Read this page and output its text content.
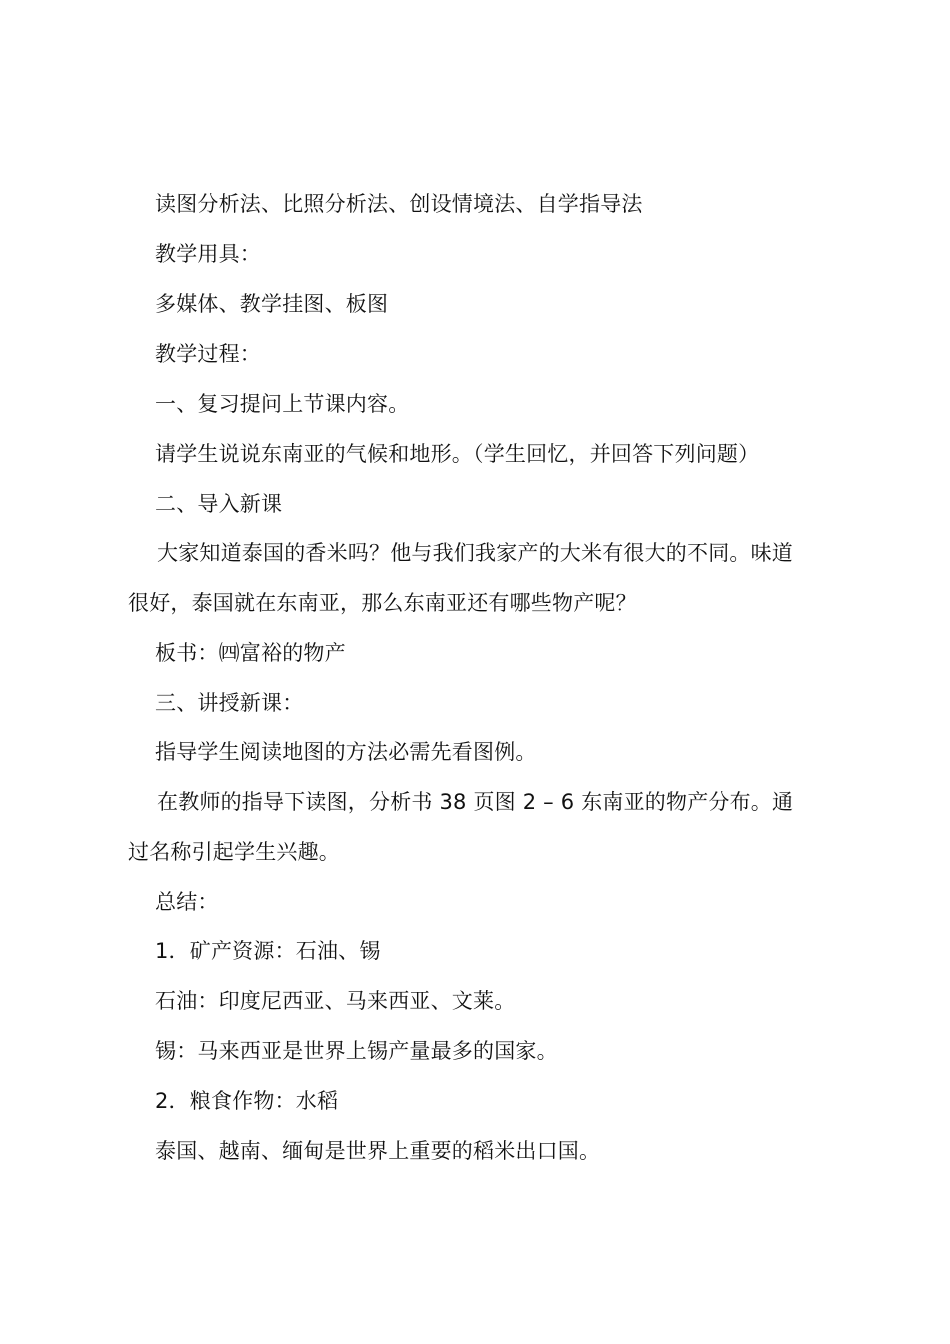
读图分析法、比照分析法、创设情境法、自学指导法
教学用具：
多媒体、教学挂图、板图
教学过程：
一、复习提问上节课内容。
请学生说说东南亚的气候和地形。（学生回忆，并回答下列问题）
二、导入新课
大家知道泰国的香米吗？他与我们我家产的大米有很大的不同。味道
很好，泰国就在东南亚，那么东南亚还有哪些物产呢？
板书：㈣富裕的物产
三、讲授新课：
指导学生阅读地图的方法必需先看图例。
在教师的指导下读图，分析书 38 页图 2 – 6 东南亚的物产分布。通
过名称引起学生兴趣。
总结：
1．矿产资源：石油、锡
石油：印度尼西亚、马来西亚、文莱。
锡：马来西亚是世界上锡产量最多的国家。
2．粮食作物：水稻
泰国、越南、缅甸是世界上重要的稻米出口国。
